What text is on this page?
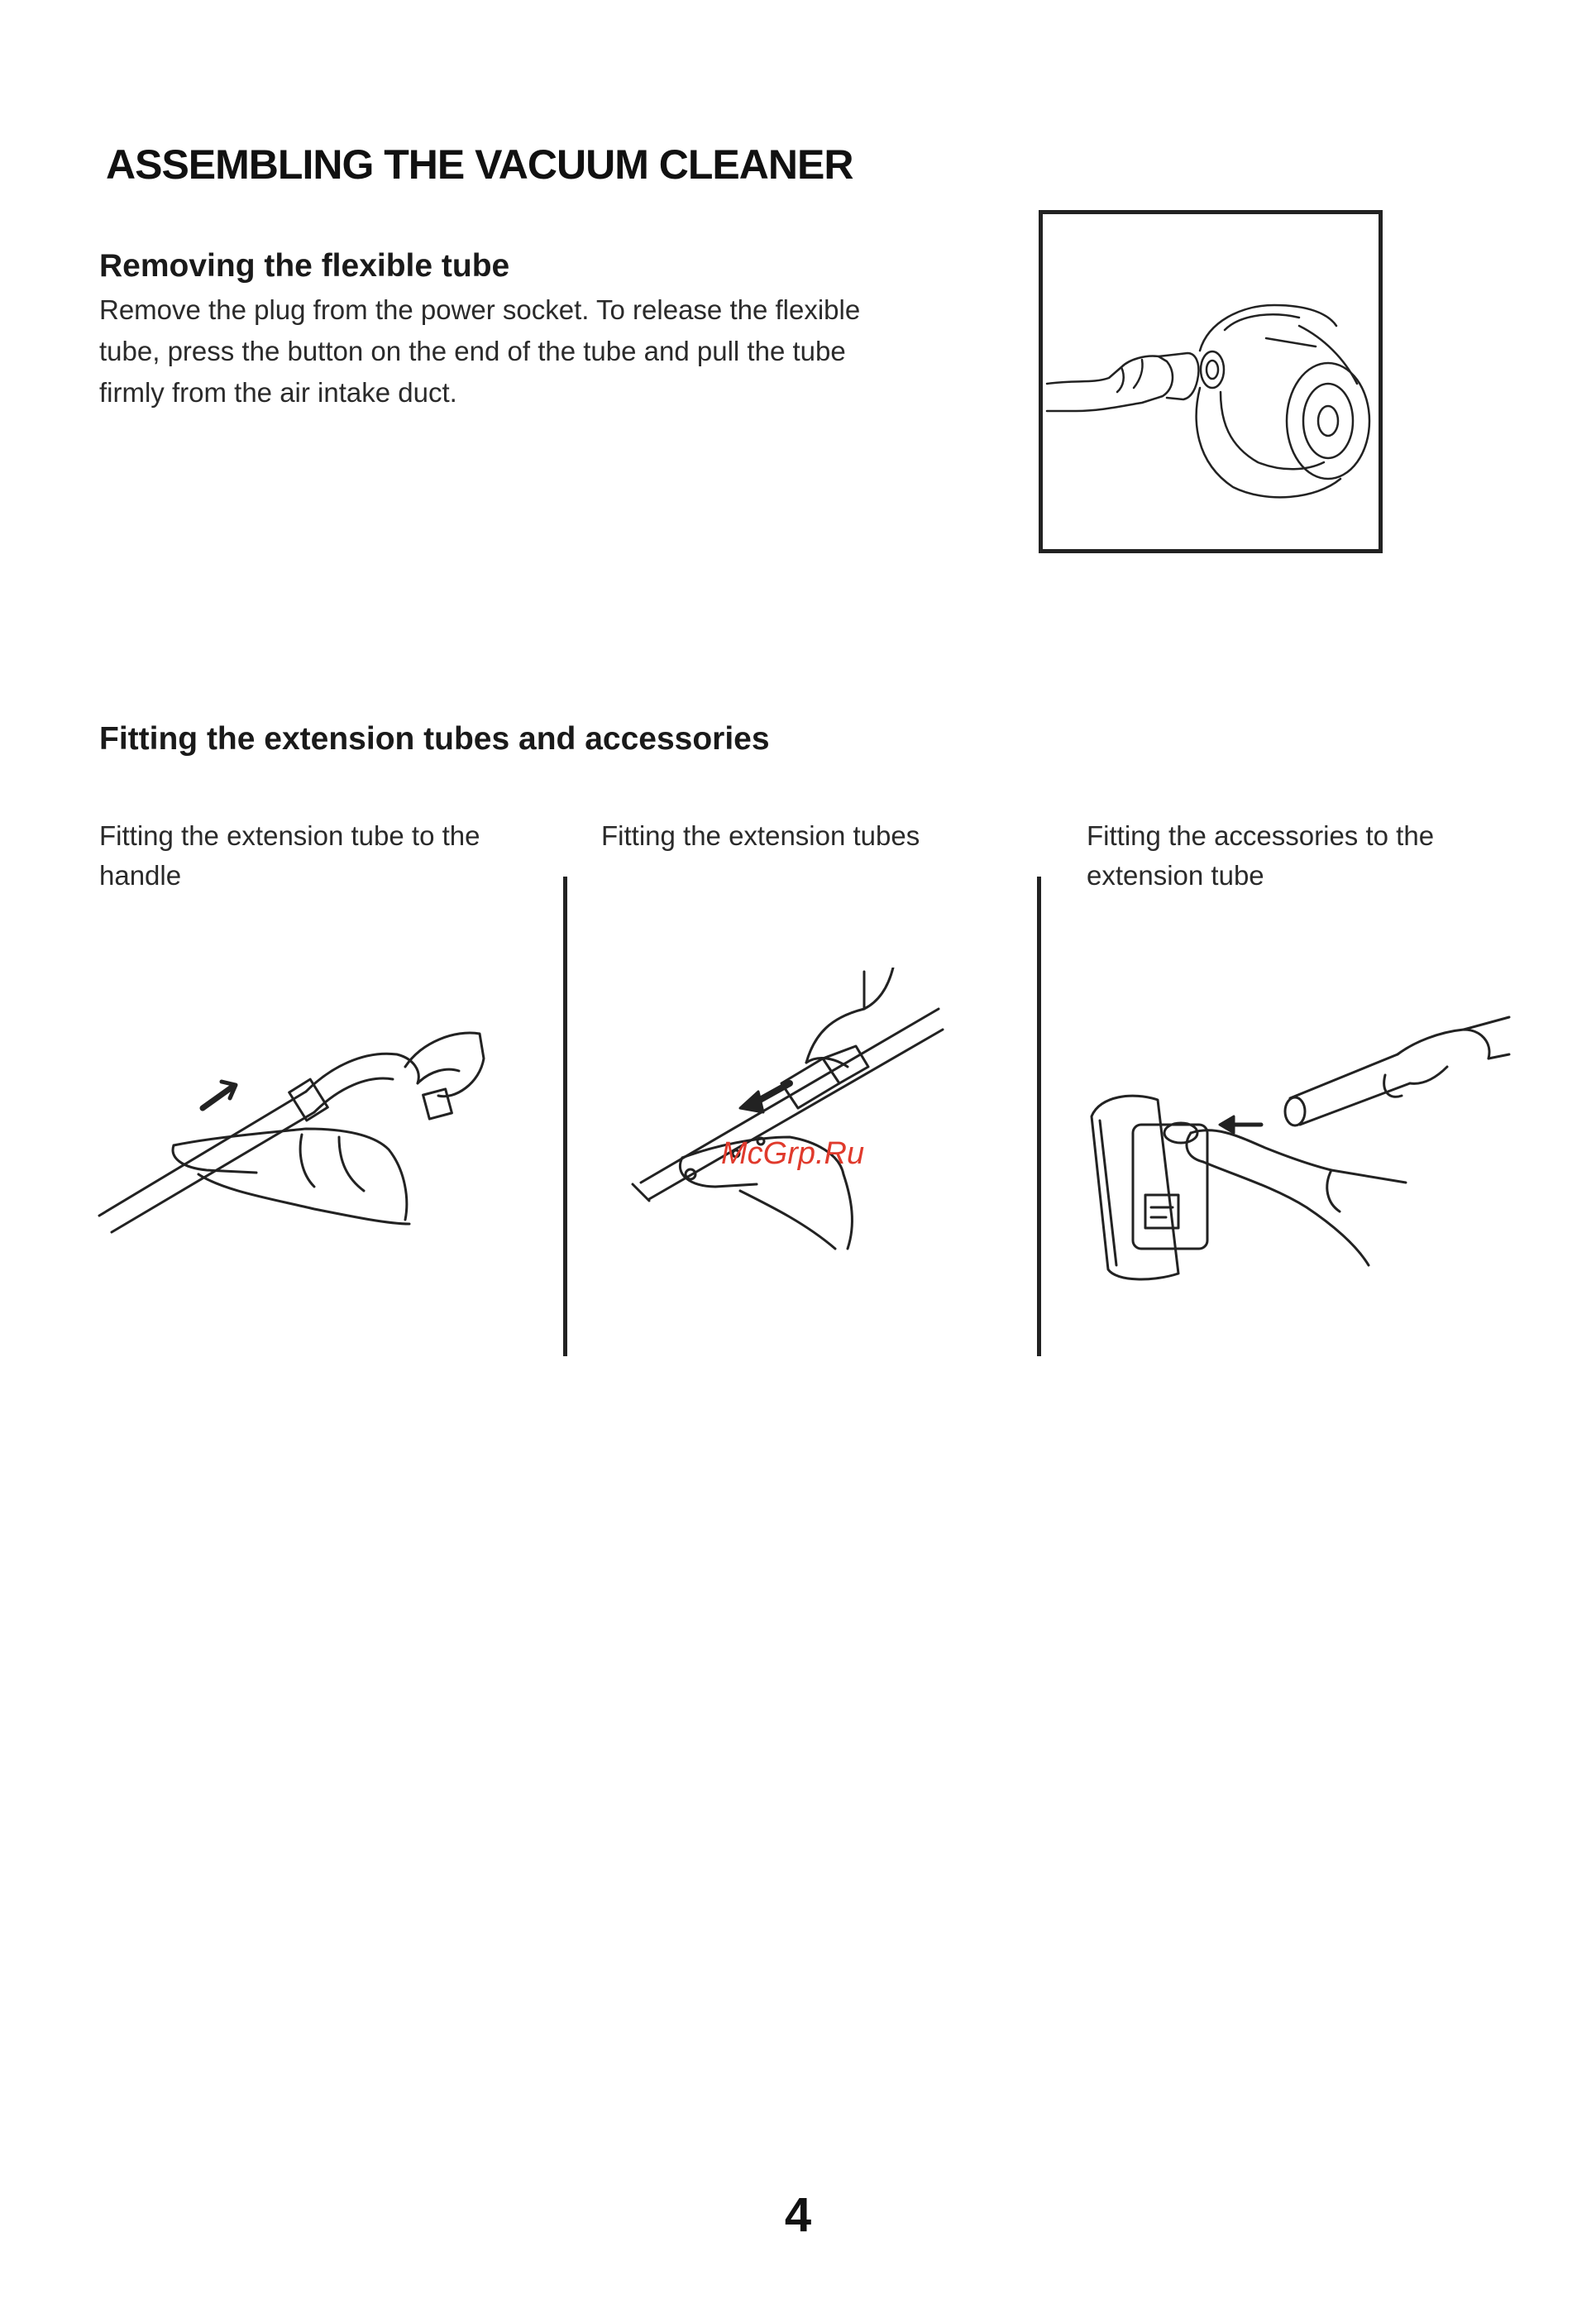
ASSEMBLING THE VACUUM CLEANER
Removing the flexible tube
Remove the plug from the power socket. To release the flexible
tube, press the button on the end of the tube and pull the tube
firmly from the air intake duct.
Fitting the extension tubes and accessories
Fitting the extension tube to the
handle
Fitting the extension tubes	Fitting the accessories to the
extension tube
McGrp.Ru
4
